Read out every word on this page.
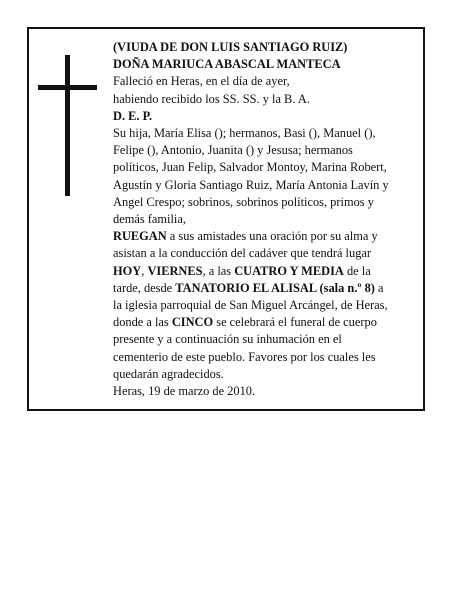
(VIUDA DE DON LUIS SANTIAGO RUIZ)
DOÑA MARIUCA ABASCAL MANTECA
Falleció en Heras, en el día de ayer,
habiendo recibido los SS. SS. y la B. A.
D. E. P.
Su hija, María Elisa (); hermanos, Basi (), Manuel (),
Felipe (), Antonio, Juanita () y Jesusa; hermanos
políticos, Juan Felip, Salvador Montoy, Marina Robert,
Agustín y Gloria Santiago Ruiz, María Antonia Lavín y
Angel Crespo; sobrinos, sobrinos políticos, primos y
demás familia,
RUEGAN a sus amistades una oración por su alma y
asistan a la conducción del cadáver que tendrá lugar
HOY, VIERNES, a las CUATRO Y MEDIA de la
tarde, desde TANATORIO EL ALISAL (sala n.º 8) a
la iglesia parroquial de San Miguel Arcángel, de Heras,
donde a las CINCO se celebrará el funeral de cuerpo
presente y a continuación su inhumación en el
cementerio de este pueblo. Favores por los cuales les
quedarán agradecidos.
Heras, 19 de marzo de 2010.
